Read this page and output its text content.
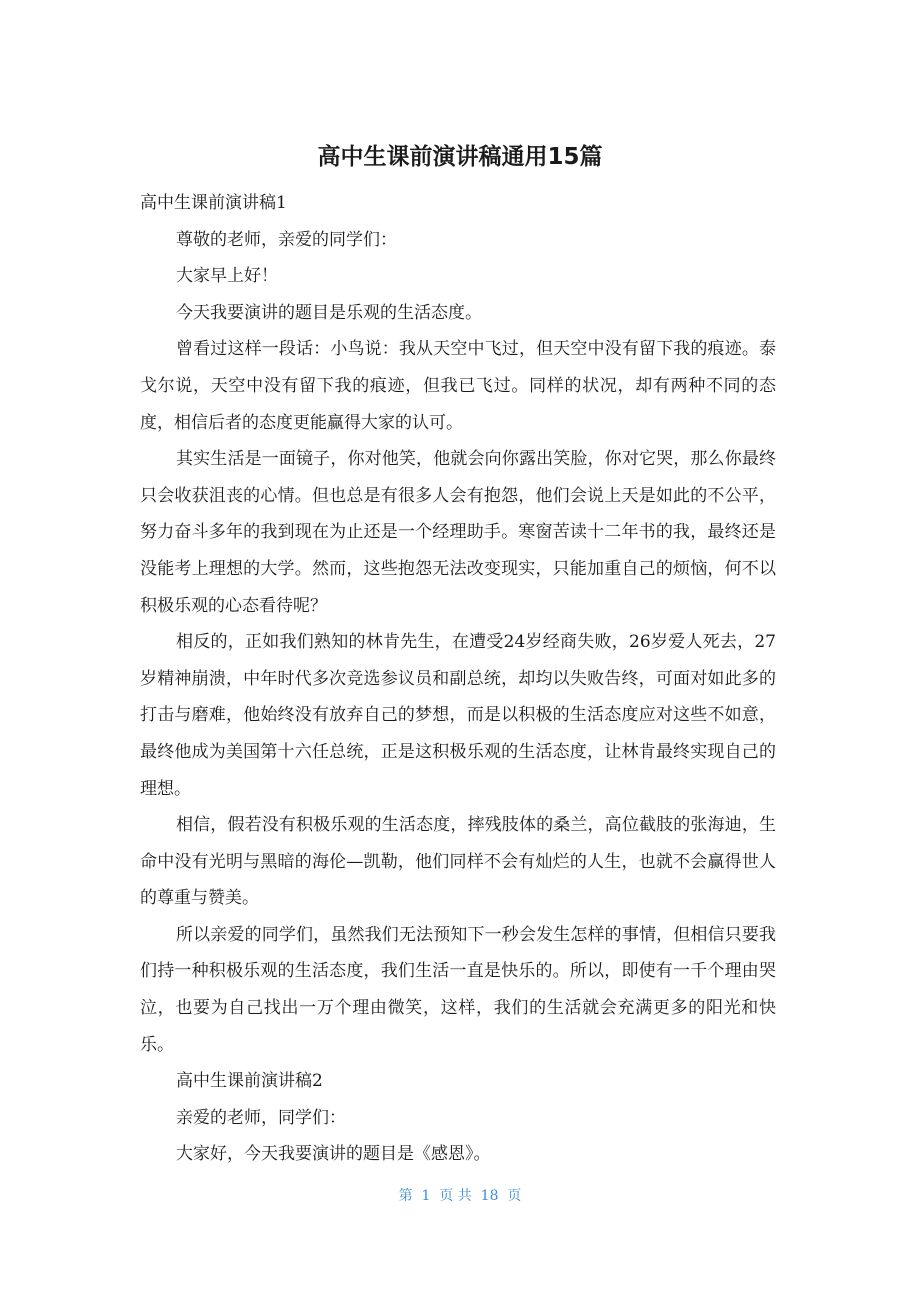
高中生课前演讲稿通用15篇

高中生课前演讲稿1

尊敬的老师，亲爱的同学们：

大家早上好！

今天我要演讲的题目是乐观的生活态度。

曾看过这样一段话：小鸟说：我从天空中飞过，但天空中没有留下我的痕迹。泰戈尔说，天空中没有留下我的痕迹，但我已飞过。同样的状况，却有两种不同的态度，相信后者的态度更能赢得大家的认可。

其实生活是一面镜子，你对他笑，他就会向你露出笑脸，你对它哭，那么你最终只会收获沮丧的心情。但也总是有很多人会有抱怨，他们会说上天是如此的不公平，努力奋斗多年的我到现在为止还是一个经理助手。寒窗苦读十二年书的我，最终还是没能考上理想的大学。然而，这些抱怨无法改变现实，只能加重自己的烦恼，何不以积极乐观的心态看待呢？

相反的，正如我们熟知的林肯先生，在遭受24岁经商失败，26岁爱人死去，27岁精神崩溃，中年时代多次竞选参议员和副总统，却均以失败告终，可面对如此多的打击与磨难，他始终没有放弃自己的梦想，而是以积极的生活态度应对这些不如意，最终他成为美国第十六任总统，正是这积极乐观的生活态度，让林肯最终实现自己的理想。

相信，假若没有积极乐观的生活态度，摔残肢体的桑兰，高位截肢的张海迪，生命中没有光明与黑暗的海伦—凯勒，他们同样不会有灿烂的人生，也就不会赢得世人的尊重与赞美。

所以亲爱的同学们，虽然我们无法预知下一秒会发生怎样的事情，但相信只要我们持一种积极乐观的生活态度，我们生活一直是快乐的。所以，即使有一千个理由哭泣，也要为自己找出一万个理由微笑，这样，我们的生活就会充满更多的阳光和快乐。

高中生课前演讲稿2

亲爱的老师，同学们：

大家好，今天我要演讲的题目是《感恩》。

第  1  页 共  18  页
